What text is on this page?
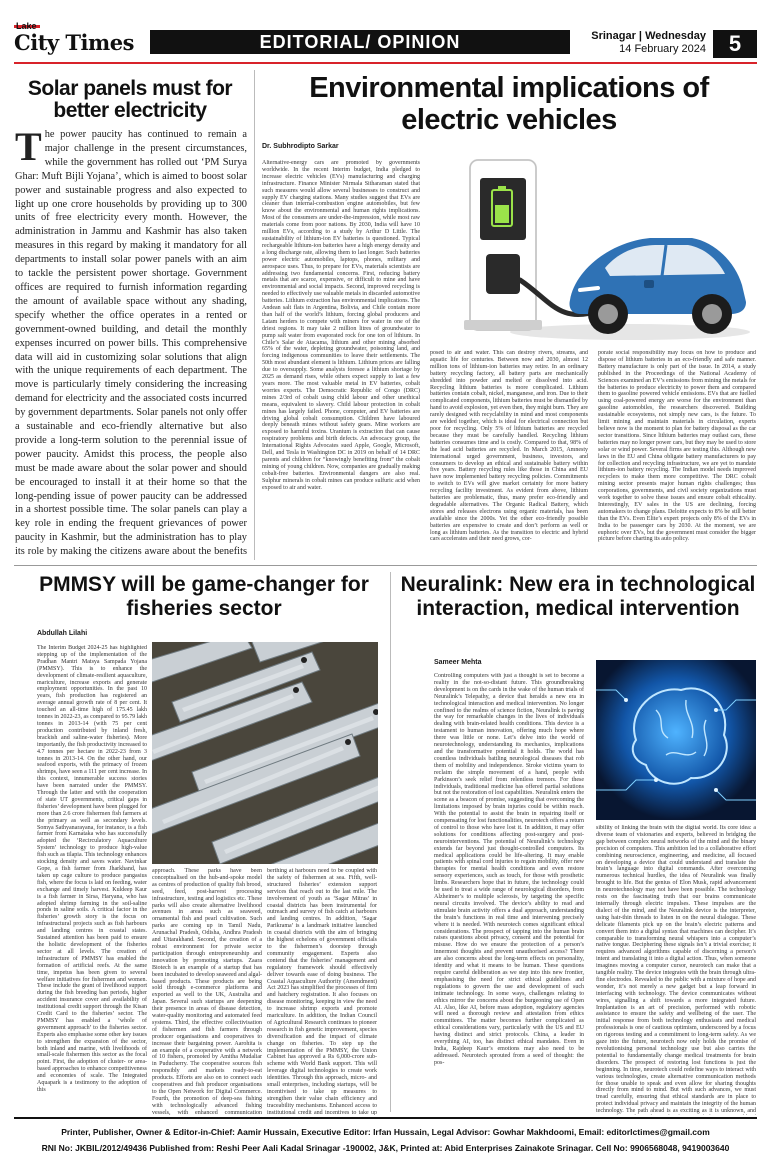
Lake
City Times	EDITORIAL/ OPINION	Srinagar | Wednesday
14 February 2024	5
Solar panels must for better electricity
The power paucity has continued to remain a major challenge in the present circumstances, while the government has rolled out ‘PM Surya Ghar: Muft Bijli Yojana’, which is aimed to boost solar power and sustainable progress and also expected to light up one crore households by providing up to 300 units of free electricity every month. However, the administration in Jammu and Kashmir has also taken measures in this regard by making it mandatory for all departments to install solar power panels with an aim to tackle the persistent power shortage. Government offices are required to furnish information regarding the amount of available space without any shading, specify whether the office operates in a rented or government-owned building, and detail the monthly expenses incurred on power bills. This comprehensive data will aid in customizing solar solutions that align with the unique requirements of each department. The move is particularly timely considering the increasing demand for electricity and the associated costs incurred by government departments. Solar panels not only offer a sustainable and eco-friendly alternative but also provide a long-term solution to the perennial issue of power paucity. Amidst this process, the people also must be made aware about the solar power and should be encouraged to install it at their home so that the long-pending issue of power paucity can be addressed in a shortest possible time. The solar panels can play a key role in ending the frequent grievances of power paucity in Kashmir, but the administration has to play its role by making the citizens aware about the benefits
Environmental implications of electric vehicles
Dr. Subhrodipto Sarkar
Alternative-energy cars are promoted by governments worldwide. In the recent Interim budget, India pledged to increase electric vehicles (EVs) manufacturing and charging infrastructure. Finance Minister Nirmala Sitharaman stated that such measures would allow several businesses to construct and supply EV charging stations. Many studies suggest that EVs are cleaner than internal-combustion engine automobiles, but few know about the environmental and human rights implications. Most of the consumers are under-the-impression, while most raw materials come from poor nations. By 2030, India will have 10 million EVs, according to a study by Arthur D Little. The sustainability of lithium-ion EV batteries is questioned. Typical rechargeable lithium-ion batteries have a high energy density and a long discharge rate, allowing them to last longer. Such batteries power electric automobiles, laptops, phones, military and aerospace uses. Thus, to prepare for EVs, materials scientists are addressing two fundamental concerns. First, reducing battery metals that are scarce, expensive, or difficult to mine and have environmental and social impacts. Second, improved recycling is needed to effectively use valuable metals in discarded automotive batteries. Lithium extraction has environmental implications. The Andean salt flats in Argentina, Bolivia, and Chile contain more than half of the world’s lithium, forcing global producers and Latam herders to compete with miners for water in one of the driest regions. It may take 2 million litres of groundwater to pump salt water from evaporated rock for one ton of lithium. In Chile’s Salar de Atacama, lithium and other mining absorbed 65% of the water, depleting groundwater, poisoning land, and forcing indigenous communities to leave their settlements. The 50th most abundant element is lithium. Lithium prices are falling due to oversupply. Some analysts foresee a lithium shortage by 2025 as demand rises, while others expect supply to last a few years more. The most valuable metal in EV batteries, cobalt worries experts. The Democratic Republic of Congo (DRC) mines 2/3rd of cobalt using child labour and other unethical means, equivalent to slavery. Child labour protection in cobalt mines has largely failed. Phone, computer, and EV batteries are driving global cobalt consumption. Children have laboured deeply beneath mines without safety gears. Mine workers are exposed to harmful toxins. Uranium is extraction that can cause respiratory problems and birth defects. An advocacy group, the International Rights Advocates sued Apple, Google, Microsoft, Dell, and Tesla in Washington DC in 2019 on behalf of 14 DRC parents and children for “knowingly benefiting from” the cobalt mining of young children. Now, companies are gradually making cobalt-free batteries. Environmental dangers are also real. Sulphur minerals in cobalt mines can produce sulfuric acid when exposed to air and water.
posed to air and water. This can destroy rivers, streams, and aquatic life for centuries. Between now and 2030, almost 12 million tons of lithium-ion batteries may retire. In an ordinary battery recycling factory, all battery parts are mechanically shredded into powder and melted or dissolved into acid. Recycling lithium batteries is more complicated. Lithium batteries contain cobalt, nickel, manganese, and iron. Due to their complicated components, lithium batteries must be dismantled by hand to avoid explosion, yet even then, they might burn. They are rarely designed with recyclability in mind and most components are welded together, which is ideal for electrical connection but poor for recycling. Only 5% of lithium batteries are recycled because they must be carefully handled. Recycling lithium batteries consumes time and is costly. Compared to that, 98% of the lead acid batteries are recycled. In March 2015, Amnesty International urged government, business, investors, and consumers to develop an ethical and sustainable battery within five years. Battery recycling rules like those in China and EU have now implemented battery recycling policies. Commitments to switch to EVs will give market certainty for more battery recycling facility investment. As evident from above, lithium batteries are problematic, thus, many prefer eco-friendly and degradable alternatives. The Organic Radical Battery, which stores and releases electrons using organic materials, has been available since the 2000s. Yet the other eco-friendly possible batteries are expensive to create and don’t perform as well or long as lithium batteries. As the transition to electric and hybrid cars accelerates and their need grows, cor-
porate social responsibility may focus on how to produce and dispose of lithium batteries in an eco-friendly and safe manner. Battery manufacture is only part of the issue. In 2014, a study published in the Proceedings of the National Academy of Sciences examined an EV’s emissions from mining the metals for the batteries to produce electricity to power them and compared them to gasoline powered vehicle emissions. EVs that are fuelled using coal-powered energy are worse for the environment than gasoline automobiles, the researchers discovered. Building sustainable ecosystems, not simply new cars, is the future. To limit mining and maintain materials in circulation, experts believe now is the moment to plan for battery disposal as the car sector transitions. Since lithium batteries may outlast cars, these batteries may no longer power cars, but they may be used to store solar or wind power. Several firms are testing this. Although new laws in the EU and China obligate battery manufacturers to pay for collection and recycling infrastructure, we are yet to mandate lithium-ion battery recycling. The Indian model needs improved recyclers to make them more competitive. The DRC cobalt mining sector presents major human rights challenges; thus corporations, governments, and civil society organizations must work together to solve these issues and ensure cobalt ethicality. Interestingly, EV sales in the US are declining, forcing automakers to change plans. Deloitte expects to 8% be still better than the EVs. Even Elite’s expert projects only 8% of the EVs in India to be passenger cars by 2030. At the moment, we are euphoric over EVs, but the government must consider the bigger picture before charting its auto policy.
PMMSY will be game-changer for fisheries sector
Abdullah Lilahi
The Interim Budget 2024-25 has highlighted stepping up of the implementation of the Pradhan Mantri Matsya Sampada Yojana (PMMSY). This is to enhance the development of climate-resilient aquaculture, mariculture, increase exports and generate employment opportunities. In the past 10 years, fish production has registered an average annual growth rate of 8 per cent. It touched an all-time high of 175.45 lakh tonnes in 2022-23, as compared to 95.79 lakh tonnes in 2013-14 (with 75 per cent production contributed by inland fresh, brackish and saline-water fisheries). More importantly, the fish productivity increased to 4.7 tonnes per hectare in 2022-23 from 3 tonnes in 2013-14. On the other hand, our seafood exports, with the primacy of frozen shrimps, have seen a 111 per cent increase. In this context, innumerable success stories have been narrated under the PMMSY. Through the latter and with the cooperation of state UT governments, critical gaps in fisheries’ development have been plugged for more than 2.6 crore fishermen fish farmers at the primary as well as secondary levels. Somya Sathyanarayana, for instance, is a fish farmer from Karnataka who has successfully adopted the ‘Recirculatory Aquaculture System’ technology to produce high-value fish such as tilapia. This technology enhances stocking density and saves water. Navinkar Gope, a fish farmer from Jharkhand, has taken up cage culture to produce pangasius fish, where the focus is laid on feeding, water exchange and timely harvest. Kuldeep Kaur is a fish farmer in Sirsa, Haryana, who has adopted shrimp farming in the soil-saline ponds in saline soils. A critical factor in the fisheries’ growth story is the focus on infrastructural projects such as fish harbours and landing centres in coastal states. Sustained attention has been paid to ensure the holistic development of the fisheries sector at all levels. The creation of infrastructure of PMMSY has enabled the formation of artificial reefs. At the same time, impetus has been given to several welfare initiatives for fishermen and women. These include the grant of livelihood support during the fish breeding ban periods, higher accident insurance cover and availability of institutional credit support through the Kisan Credit Card to the fisheries’ sector. The PMMSY has enabled a ‘whole of government approach’ to the fisheries sector. Experts also emphasise some other key issues to strengthen the expansion of the sector, both inland and marine, with livelihoods of small-scale fishermen this sector as the focal point. First, the adoption of cluster- or area-based approaches to enhance competitiveness and economies of scale. The Integrated Aquapark is a testimony to the adoption of this
approach. These parks have been conceptualised on the hub-and-spoke model as centres of production of quality fish brood, seed, feed, post-harvest processing infrastructure, testing and logistics etc. These parks will also create alternative livelihood avenues in areas such as seaweed, ornamental fish and pearl cultivation. Such parks are coming up in Tamil Nadu, Arunachal Pradesh, Odisha, Andhra Pradesh and Uttarakhand. Second, the creation of a robust environment for private sector participation through entrepreneurship and innovation by promoting startups. Zaara Biotech is an example of a startup that has been incubated to develop seaweed and algal-based products. These products are being sold through e-commerce platforms and exported as well to the UK, Australia and Japan. Several such startups are deepening their presence in areas of disease detection, water-quality monitoring and automated feed systems. Third, the effective collectivisation of fishermen and fish farmers through producer organisations and cooperatives to increase their bargaining power. Aarohita is an example of a cooperative with a network of 10 fishers, promoted by Amitha Mudaliar in Puducherry. The cooperative sources fish responsibly and markets ready-to-eat products. Efforts are also on to connect such cooperatives and fish producer organisations to the Open Network for Digital Commerce. Fourth, the promotion of deep-sea fishing with technologically advanced fishing vessels, with enhanced communication
berthing at harbours need to be coupled with the safety of fishermen at sea. Fifth, well-structured fisheries’ extension support services that reach out to the last mile. The involvement of youth as ‘Sagar Mitras’ in coastal districts has been instrumental for outreach and survey of fish catch at harbours and landing centres. In addition, ‘Sagar Parikrama’ is a landmark initiative launched in coastal districts with the aim of bringing the highest echelons of government officials to the fishermen’s doorstep through community engagement. Experts also contend that the fisheries’ management and regulatory framework should effectively deliver towards ease of doing business. The Coastal Aquaculture Authority (Amendment) Act 2023 has simplified the processes of firm and hatchery registration. It also focuses on disease monitoring, keeping in view the need to increase shrimp exports and promote mariculture. In addition, the Indian Council of Agricultural Research continues to pioneer research in fish genetic improvement, species diversification and the impact of climate change on fisheries. To step up the implementation of the PMMSY, the Union Cabinet has approved a Rs 6,000-crore sub-scheme with World Bank support. This will leverage digital technologies to create work identities. Through this approach, micro- and small enterprises, including startups, will be incentivised to take up measures to strengthen their value chain efficiency and traceability mechanisms. Enhanced access to institutional credit and incentives to take up
Neuralink: New era in technological interaction, medical intervention
Sameer Mehta
Controlling computers with just a thought is set to become a reality in the not-so-distant future. This groundbreaking development is on the cards in the wake of the human trials of Neuralink’s Telepathy, a device that heralds a new era in technological interaction and medical intervention. No longer confined to the realms of science fiction, Neuralink is paving the way for remarkable changes in the lives of individuals dealing with brain-related health conditions. This device is a testament to human innovation, offering much hope where there was little or none. Let’s delve into the world of neurotechnology, understanding its mechanics, implications and the transformative potential it holds. The world has countless individuals battling neurological diseases that rob them of mobility and independence. Stroke victims yearn to reclaim the simple movement of a hand, people with Parkinson’s seek relief from relentless tremors. For these individuals, traditional medicine has offered partial solutions but not the restoration of lost capabilities. Neuralink enters the scene as a beacon of promise, suggesting that overcoming the limitations imposed by brain injuries could be within reach. With the potential to assist the brain in repairing itself or compensating for lost functionalities, neurotech offers a return of control to those who have lost it. In addition, it may offer solutions for conditions affecting post-surgery and post-neurointerventions. The potential of Neuralink’s technology extends far beyond just thought-controlled computers. Its medical applications could be life-altering. It may enable patients with spinal cord injuries to regain mobility, offer new therapies for mental health conditions and even restore sensory experiences, such as touch, for those with prosthetic limbs. Researchers hope that in future, the technology could be used to treat a wide range of neurological disorders, from Alzheimer’s to multiple sclerosis, by targeting the specific neural circuits involved. The device’s ability to read and stimulate brain activity offers a dual approach, understanding the brain’s functions in real time and intervening precisely where it is needed. With neurotech comes significant ethical considerations. The prospect of tapping into the human brain raises questions about privacy, consent and the potential for misuse. How do we ensure the protection of a person’s innermost thoughts and prevent unauthorised access? There are also concerns about the long-term effects on personality, identity and what it means to be human. These questions require careful deliberation as we step into this new frontier, emphasising the need for strict ethical guidelines and regulations to govern the use and development of such intimate technology. In some ways, challenges relating to ethics mirror the concerns about the burgeoning use of Open AI. Also, like AI, before mass adoption, regulatory agencies will need a thorough review and attestation from ethics committees. The matter becomes further complicated as ethical considerations vary, particularly with the US and EU having distinct and strict protocols. China, a leader in everything AI, too, has distinct ethical mandates. Even in India, Rajdeep Kaur’s emotions may also need to be addressed. Neurotech sprouted from a seed of thought: the pos-
sibility of linking the brain with the digital world. Its core idea: a diverse team of visionaries and experts, believed in bridging the gap between complex neural networks of the mind and the binary precision of computers. This ambition led to a collaborative effort combining neuroscience, engineering, and medicine, all focused on developing a device that could understand and translate the brain’s language into digital commands. After overcoming numerous technical hurdles, the idea of Neuralink was finally brought to life. But the genius of Elon Musk, rapid advancement in neurotechnology may not have been possible. The technology rests on the fascinating truth that our brains communicate internally through electric impulses. These impulses are the dialect of the mind, and the Neuralink device is the interpreter, using hair-thin threads to listen in on the neural dialogue. These delicate filaments pick up on the brain’s electric patterns and convert them into a digital syntax that machines can decipher. It’s comparable to transforming neural whispers into a computer’s native tongue. Deciphering these signals isn’t a trivial exercise; it requires advanced algorithms capable of discerning a person’s intent and translating it into a digital action. Thus, when someone imagines moving a computer cursor, neurotech can make that a tangible reality. The device integrates with the brain through ultra-fine electrodes. Revealed to the public with a mixture of hope and wonder, it’s not merely a new gadget but a leap forward in interfacing with technology. The device communicates without wires, signalling a shift towards a more integrated future. Implantation is an art of precision, performed with robotic assistance to ensure the safety and wellbeing of the user. The initial response from both technology enthusiasts and medical professionals is one of cautious optimism, underscored by a focus on rigorous testing and a commitment to long-term safety. As we gaze into the future, neurotech now only holds the promise of revolutionising personal technology use but also carries the potential to fundamentally change medical treatments for brain disorders. The prospect of restoring lost functions is just the beginning. In time, neurotech could redefine ways to interact with various technologies, create alternative communication methods for those unable to speak and even allow for sharing thoughts directly from mind to mind. But with such advances, we must tread carefully, ensuring that ethical standards are in place to protect individual privacy and maintain the integrity of the human technology. The path ahead is as exciting as it is unknown, and
Printer, Publisher, Owner & Editor-in-Chief: Aamir Hussain, Executive Editor: Irfan Hussain, Legal Advisor: Gowhar Makhdoomi, Email: editorlctimes@gmail.com
RNI No: JKBIL/2012/49436 Published from: Reshi Peer Aali Kadal Srinagar -190002, J&K, Printed at: Abid Enterprises Zainakote Srinagar. Cell No: 9906568048, 9419003640
